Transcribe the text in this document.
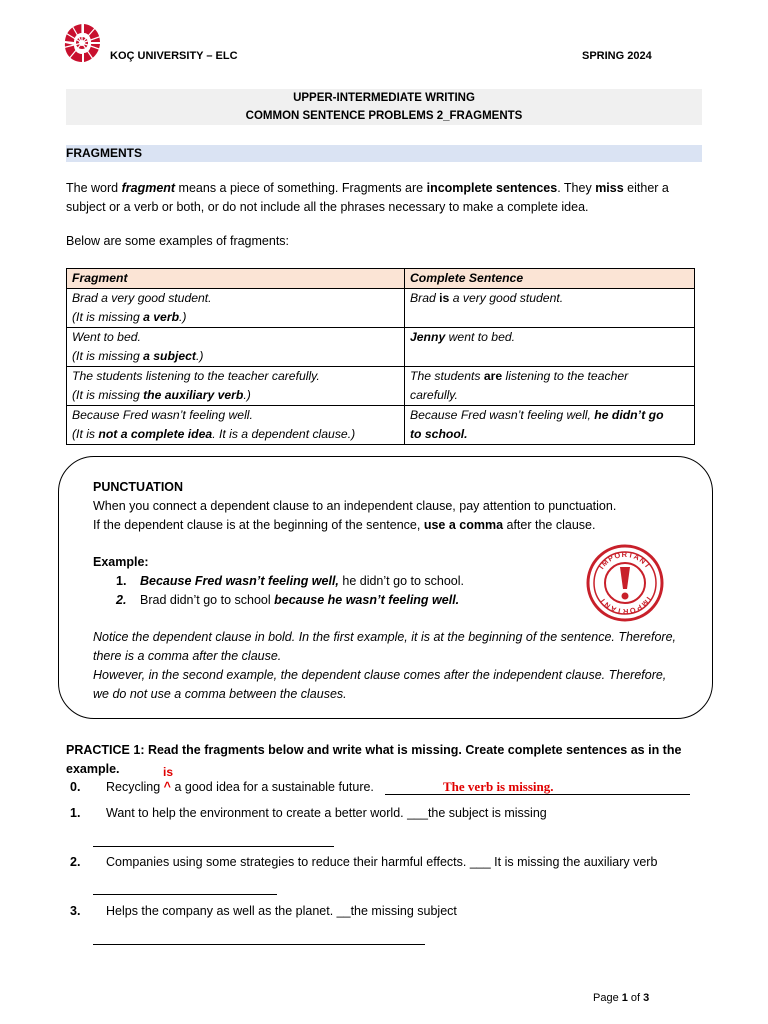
KOÇ UNIVERSITY – ELC	SPRING 2024
UPPER-INTERMEDIATE WRITING
COMMON SENTENCE PROBLEMS 2_FRAGMENTS
FRAGMENTS
The word fragment means a piece of something. Fragments are incomplete sentences. They miss either a
subject or a verb or both, or do not include all the phrases necessary to make a complete idea.
Below are some examples of fragments:
Fragment	Complete Sentence
Brad a very good student.
(It is missing a verb.)	Brad is a very good student.
Went to bed.
(It is missing a subject.)	Jenny went to bed.
The students listening to the teacher carefully.
(It is missing the auxiliary verb.)	The students are listening to the teacher
carefully.
Because Fred wasn’t feeling well.
(It is not a complete idea. It is a dependent clause.)	Because Fred wasn’t feeling well, he didn’t go
to school.
PUNCTUATION
When you connect a dependent clause to an independent clause, pay attention to punctuation.
If the dependent clause is at the beginning of the sentence, use a comma after the clause.
Example:
1. Because Fred wasn’t feeling well, he didn’t go to school.
2. Brad didn’t go to school because he wasn’t feeling well.
Notice the dependent clause in bold. In the first example, it is at the beginning of the sentence. Therefore,
there is a comma after the clause.
However, in the second example, the dependent clause comes after the independent clause. Therefore,
we do not use a comma between the clauses.
IMPORTANT
IMPORTANT
PRACTICE 1: Read the fragments below and write what is missing. Create complete sentences as in the
example.	is
0. Recycling ^ a good idea for a sustainable future.	The verb is missing.
1. Want to help the environment to create a better world. ___the subject is missing
2. Companies using some strategies to reduce their harmful effects. ___ It is missing the auxiliary verb
3. Helps the company as well as the planet. __the missing subject
Page 1 of 3
